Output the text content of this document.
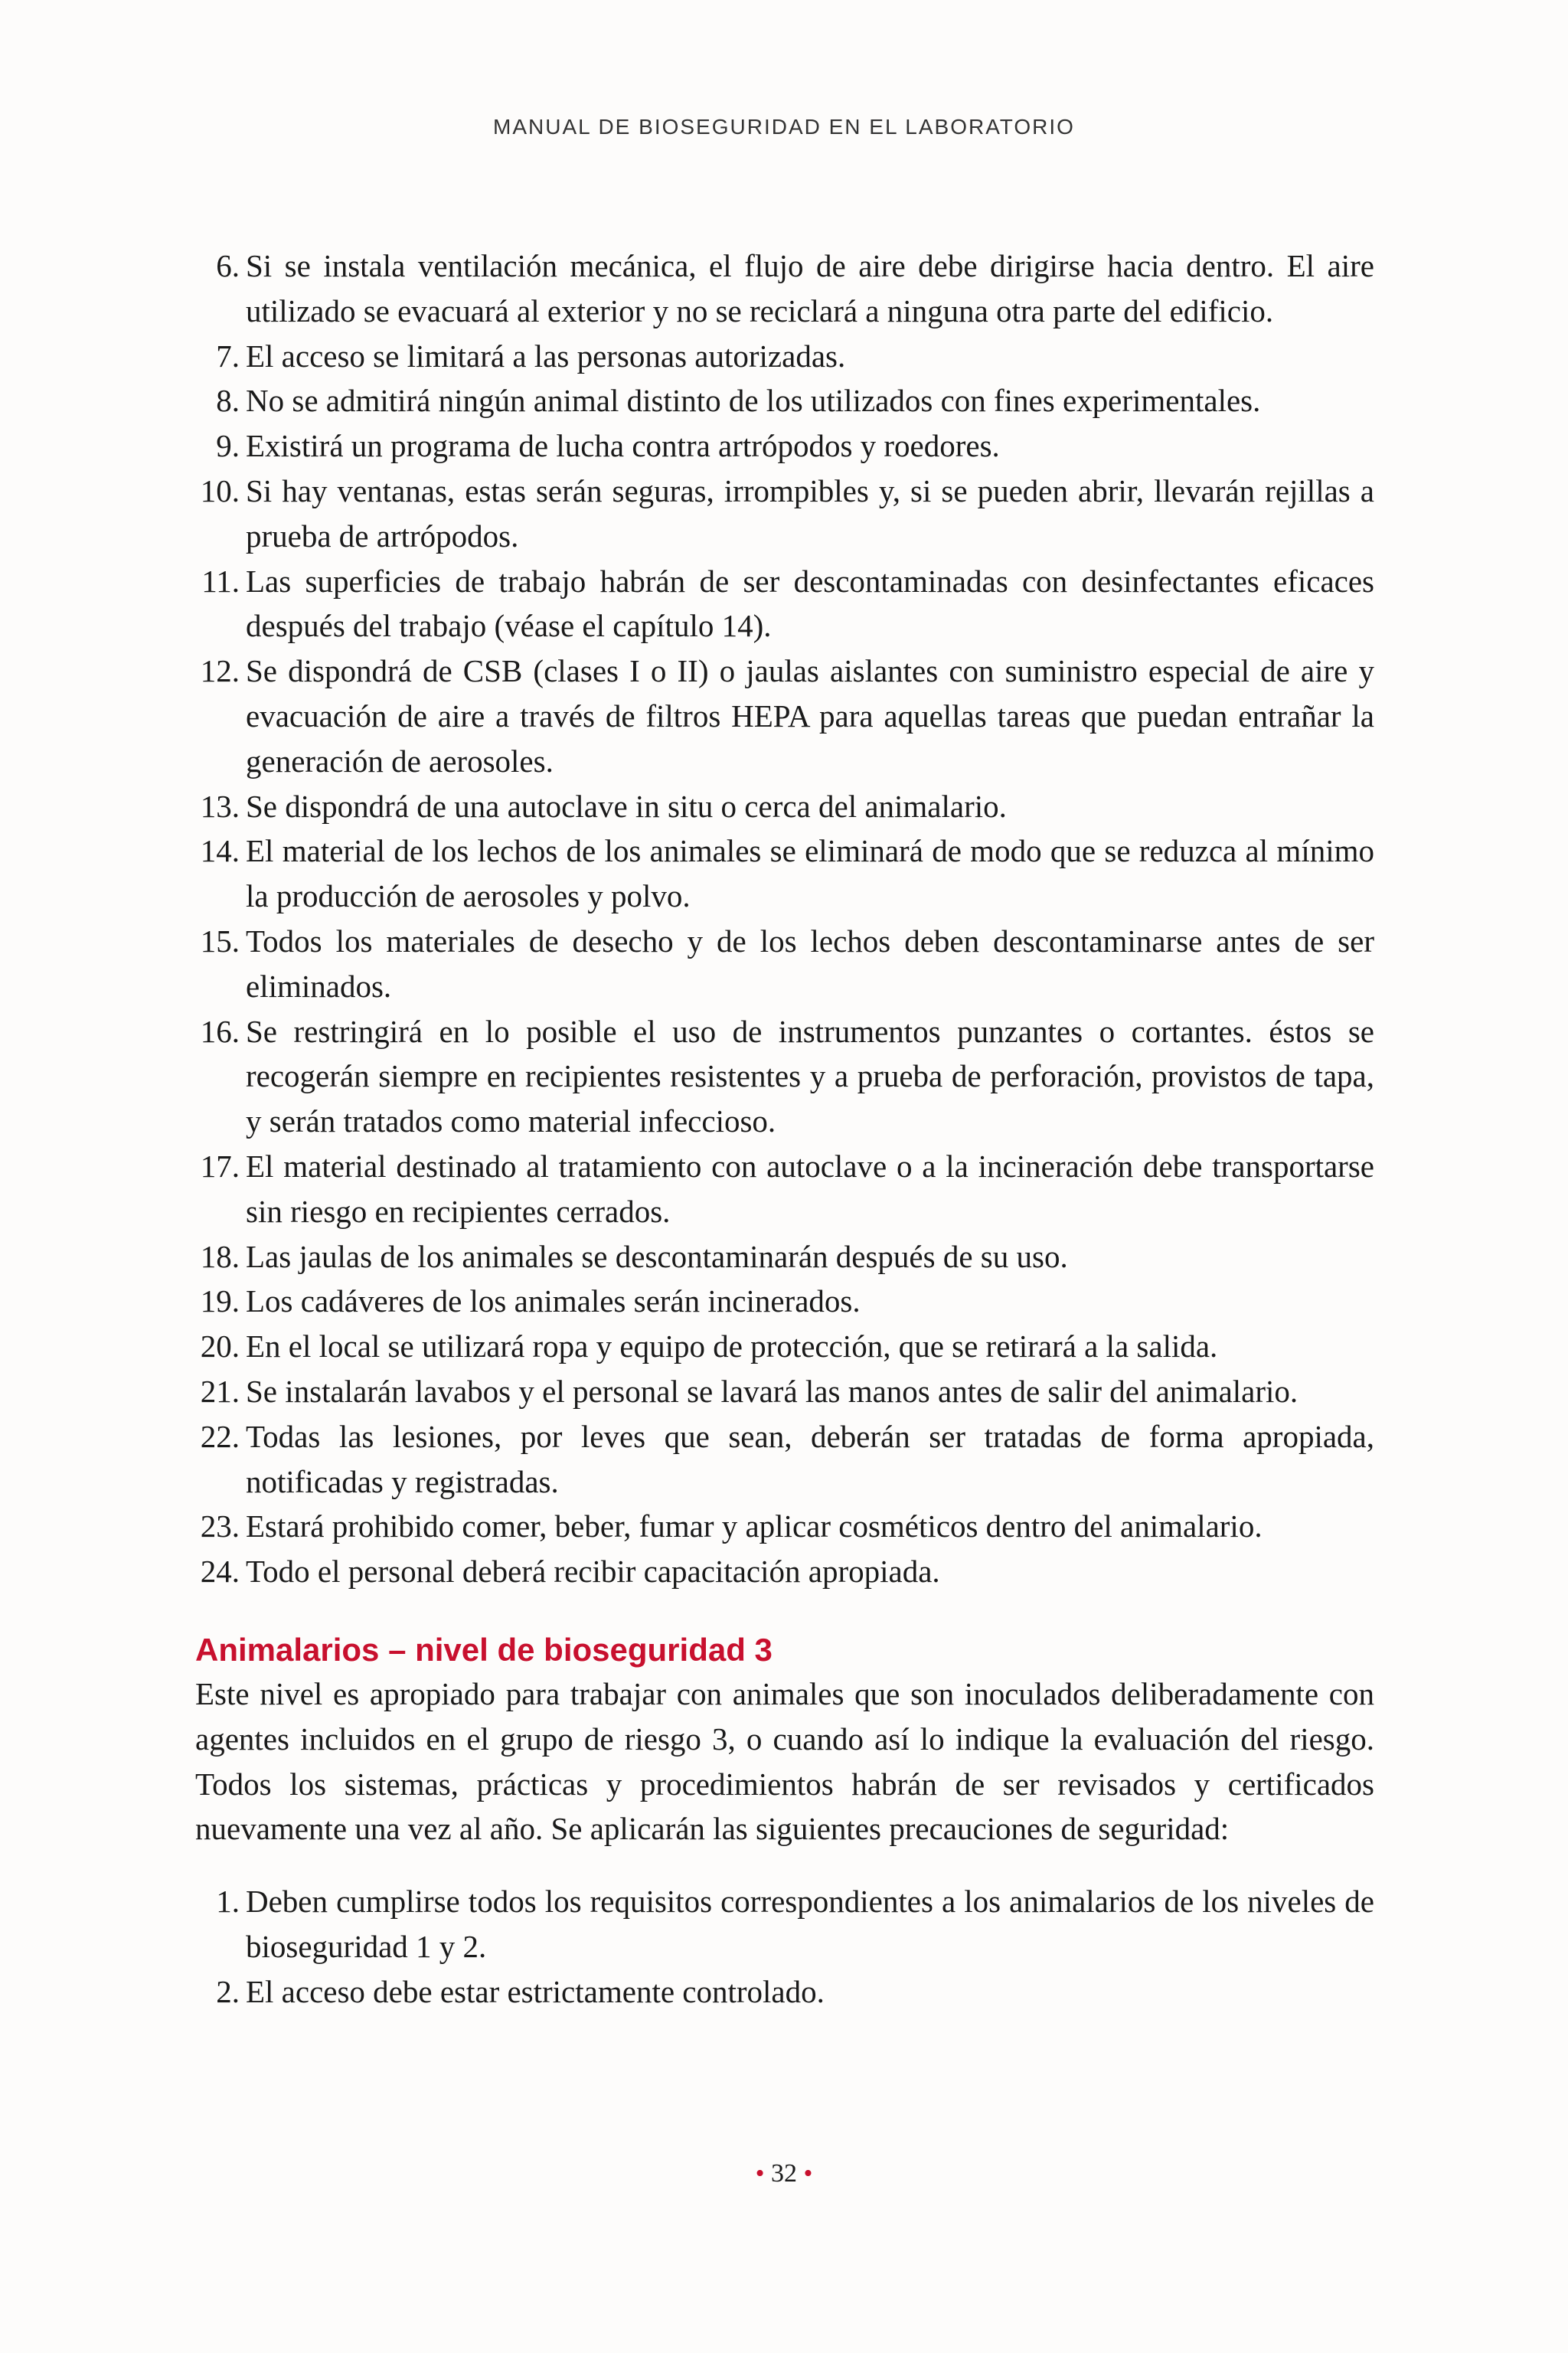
MANUAL DE BIOSEGURIDAD EN EL LABORATORIO
6. Si se instala ventilación mecánica, el flujo de aire debe dirigirse hacia dentro. El aire utilizado se evacuará al exterior y no se reciclará a ninguna otra parte del edificio.
7. El acceso se limitará a las personas autorizadas.
8. No se admitirá ningún animal distinto de los utilizados con fines experimentales.
9. Existirá un programa de lucha contra artrópodos y roedores.
10. Si hay ventanas, estas serán seguras, irrompibles y, si se pueden abrir, llevarán rejillas a prueba de artrópodos.
11. Las superficies de trabajo habrán de ser descontaminadas con desinfectantes eficaces después del trabajo (véase el capítulo 14).
12. Se dispondrá de CSB (clases I o II) o jaulas aislantes con suministro especial de aire y evacuación de aire a través de filtros HEPA para aquellas tareas que puedan entrañar la generación de aerosoles.
13. Se dispondrá de una autoclave in situ o cerca del animalario.
14. El material de los lechos de los animales se eliminará de modo que se reduzca al mínimo la producción de aerosoles y polvo.
15. Todos los materiales de desecho y de los lechos deben descontaminarse antes de ser eliminados.
16. Se restringirá en lo posible el uso de instrumentos punzantes o cortantes. éstos se recogerán siempre en recipientes resistentes y a prueba de perforación, provistos de tapa, y serán tratados como material infeccioso.
17. El material destinado al tratamiento con autoclave o a la incineración debe transportarse sin riesgo en recipientes cerrados.
18. Las jaulas de los animales se descontaminarán después de su uso.
19. Los cadáveres de los animales serán incinerados.
20. En el local se utilizará ropa y equipo de protección, que se retirará a la salida.
21. Se instalarán lavabos y el personal se lavará las manos antes de salir del animalario.
22. Todas las lesiones, por leves que sean, deberán ser tratadas de forma apropiada, notificadas y registradas.
23. Estará prohibido comer, beber, fumar y aplicar cosméticos dentro del animalario.
24. Todo el personal deberá recibir capacitación apropiada.
Animalarios – nivel de bioseguridad 3

Este nivel es apropiado para trabajar con animales que son inoculados deliberadamente con agentes incluidos en el grupo de riesgo 3, o cuando así lo indique la evaluación del riesgo. Todos los sistemas, prácticas y procedimientos habrán de ser revisados y certificados nuevamente una vez al año. Se aplicarán las siguientes precauciones de seguridad:

1. Deben cumplirse todos los requisitos correspondientes a los animalarios de los niveles de bioseguridad 1 y 2.
2. El acceso debe estar estrictamente controlado.
• 32 •
